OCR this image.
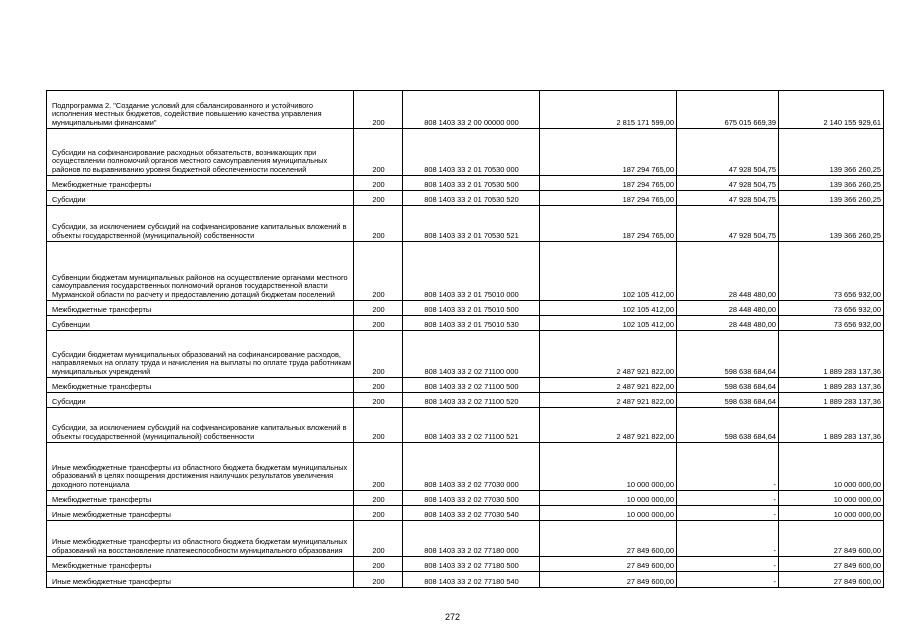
Подпрограмма 2. "Создание условий для сбалансированного и устойчивого исполнения местных бюджетов, содействие повышению качества управления муниципальными финансами"	200	808 1403 33 2 00 00000 000	2 815 171 599,00	675 015 669,39	2 140 155 929,61
Субсидии на софинансирование расходных обязательств, возникающих при осуществлении полномочий органов местного самоуправления муниципальных районов по выравниванию уровня бюджетной обеспеченности поселений	200	808 1403 33 2 01 70530 000	187 294 765,00	47 928 504,75	139 366 260,25
Межбюджетные трансферты	200	808 1403 33 2 01 70530 500	187 294 765,00	47 928 504,75	139 366 260,25
Субсидии	200	808 1403 33 2 01 70530 520	187 294 765,00	47 928 504,75	139 366 260,25
Субсидии, за исключением субсидий на софинансирование капитальных вложений в объекты государственной (муниципальной) собственности	200	808 1403 33 2 01 70530 521	187 294 765,00	47 928 504,75	139 366 260,25
Субвенции бюджетам муниципальных районов на осуществление органами местного самоуправления государственных полномочий органов государственной власти Мурманской области по расчету и предоставлению дотаций бюджетам поселений	200	808 1403 33 2 01 75010 000	102 105 412,00	28 448 480,00	73 656 932,00
Межбюджетные трансферты	200	808 1403 33 2 01 75010 500	102 105 412,00	28 448 480,00	73 656 932,00
Субвенции	200	808 1403 33 2 01 75010 530	102 105 412,00	28 448 480,00	73 656 932,00
Субсидии бюджетам муниципальных образований на софинансирование расходов, направляемых на оплату труда и начисления на выплаты по оплате труда работникам муниципальных учреждений	200	808 1403 33 2 02 71100 000	2 487 921 822,00	598 638 684,64	1 889 283 137,36
Межбюджетные трансферты	200	808 1403 33 2 02 71100 500	2 487 921 822,00	598 638 684,64	1 889 283 137,36
Субсидии	200	808 1403 33 2 02 71100 520	2 487 921 822,00	598 638 684,64	1 889 283 137,36
Субсидии, за исключением субсидий на софинансирование капитальных вложений в объекты государственной (муниципальной) собственности	200	808 1403 33 2 02 71100 521	2 487 921 822,00	598 638 684,64	1 889 283 137,36
Иные межбюджетные трансферты из областного бюджета бюджетам муниципальных образований в целях поощрения достижения наилучших результатов увеличения доходного потенциала	200	808 1403 33 2 02 77030 000	10 000 000,00	-	10 000 000,00
Межбюджетные трансферты	200	808 1403 33 2 02 77030 500	10 000 000,00	-	10 000 000,00
Иные межбюджетные трансферты	200	808 1403 33 2 02 77030 540	10 000 000,00	-	10 000 000,00
Иные межбюджетные трансферты из областного бюджета бюджетам муниципальных образований на восстановление платежеспособности муниципального образования	200	808 1403 33 2 02 77180 000	27 849 600,00	-	27 849 600,00
Межбюджетные трансферты	200	808 1403 33 2 02 77180 500	27 849 600,00	-	27 849 600,00
Иные межбюджетные трансферты	200	808 1403 33 2 02 77180 540	27 849 600,00	-	27 849 600,00
272
